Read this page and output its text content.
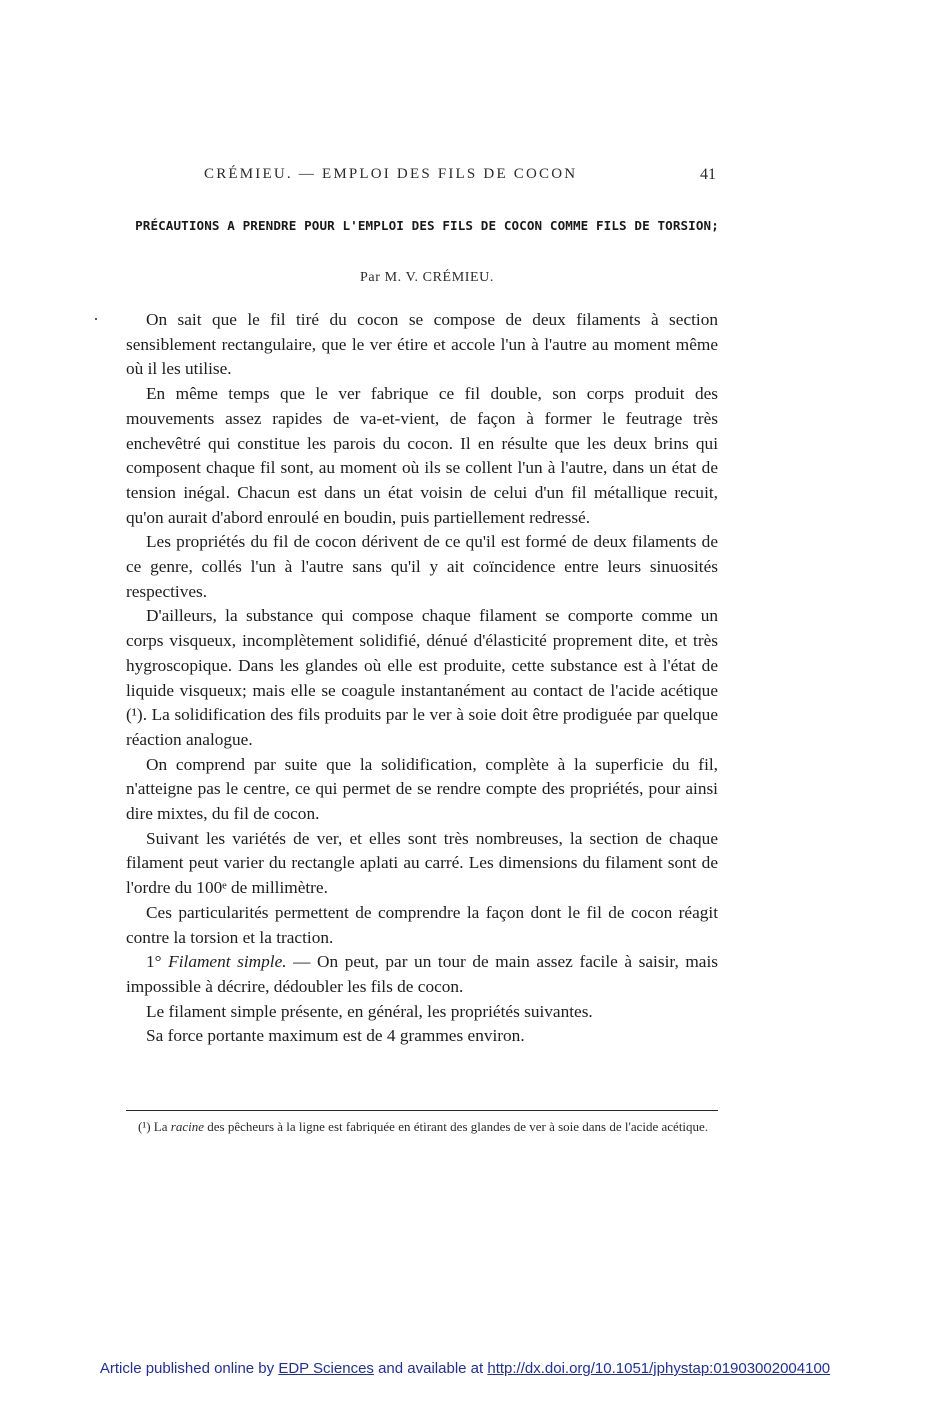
CRÉMIEU. — EMPLOI DES FILS DE COCON	41
PRÉCAUTIONS A PRENDRE POUR L'EMPLOI DES FILS DE COCON COMME FILS DE TORSION;
Par M. V. CRÉMIEU.

On sait que le fil tiré du cocon se compose de deux filaments à section sensiblement rectangulaire, que le ver étire et accole l'un à l'autre au moment même où il les utilise.

En même temps que le ver fabrique ce fil double, son corps produit des mouvements assez rapides de va-et-vient, de façon à former le feutrage très enchevêtré qui constitue les parois du cocon. Il en résulte que les deux brins qui composent chaque fil sont, au moment où ils se collent l'un à l'autre, dans un état de tension inégal. Chacun est dans un état voisin de celui d'un fil métallique recuit, qu'on aurait d'abord enroulé en boudin, puis partiellement redressé.

Les propriétés du fil de cocon dérivent de ce qu'il est formé de deux filaments de ce genre, collés l'un à l'autre sans qu'il y ait coïncidence entre leurs sinuosités respectives.

D'ailleurs, la substance qui compose chaque filament se comporte comme un corps visqueux, incomplètement solidifié, dénué d'élasticité proprement dite, et très hygroscopique. Dans les glandes où elle est produite, cette substance est à l'état de liquide visqueux; mais elle se coagule instantanément au contact de l'acide acétique (¹). La solidification des fils produits par le ver à soie doit être prodiguée par quelque réaction analogue.

On comprend par suite que la solidification, complète à la superficie du fil, n'atteigne pas le centre, ce qui permet de se rendre compte des propriétés, pour ainsi dire mixtes, du fil de cocon.

Suivant les variétés de ver, et elles sont très nombreuses, la section de chaque filament peut varier du rectangle aplati au carré. Les dimensions du filament sont de l'ordre du 100ᵉ de millimètre.

Ces particularités permettent de comprendre la façon dont le fil de cocon réagit contre la torsion et la traction.

1° Filament simple. — On peut, par un tour de main assez facile à saisir, mais impossible à décrire, dédoubler les fils de cocon.

Le filament simple présente, en général, les propriétés suivantes.

Sa force portante maximum est de 4 grammes environ.

(¹) La racine des pêcheurs à la ligne est fabriquée en étirant des glandes de ver à soie dans de l'acide acétique.
Article published online by EDP Sciences and available at http://dx.doi.org/10.1051/jphystap:01903002004100
